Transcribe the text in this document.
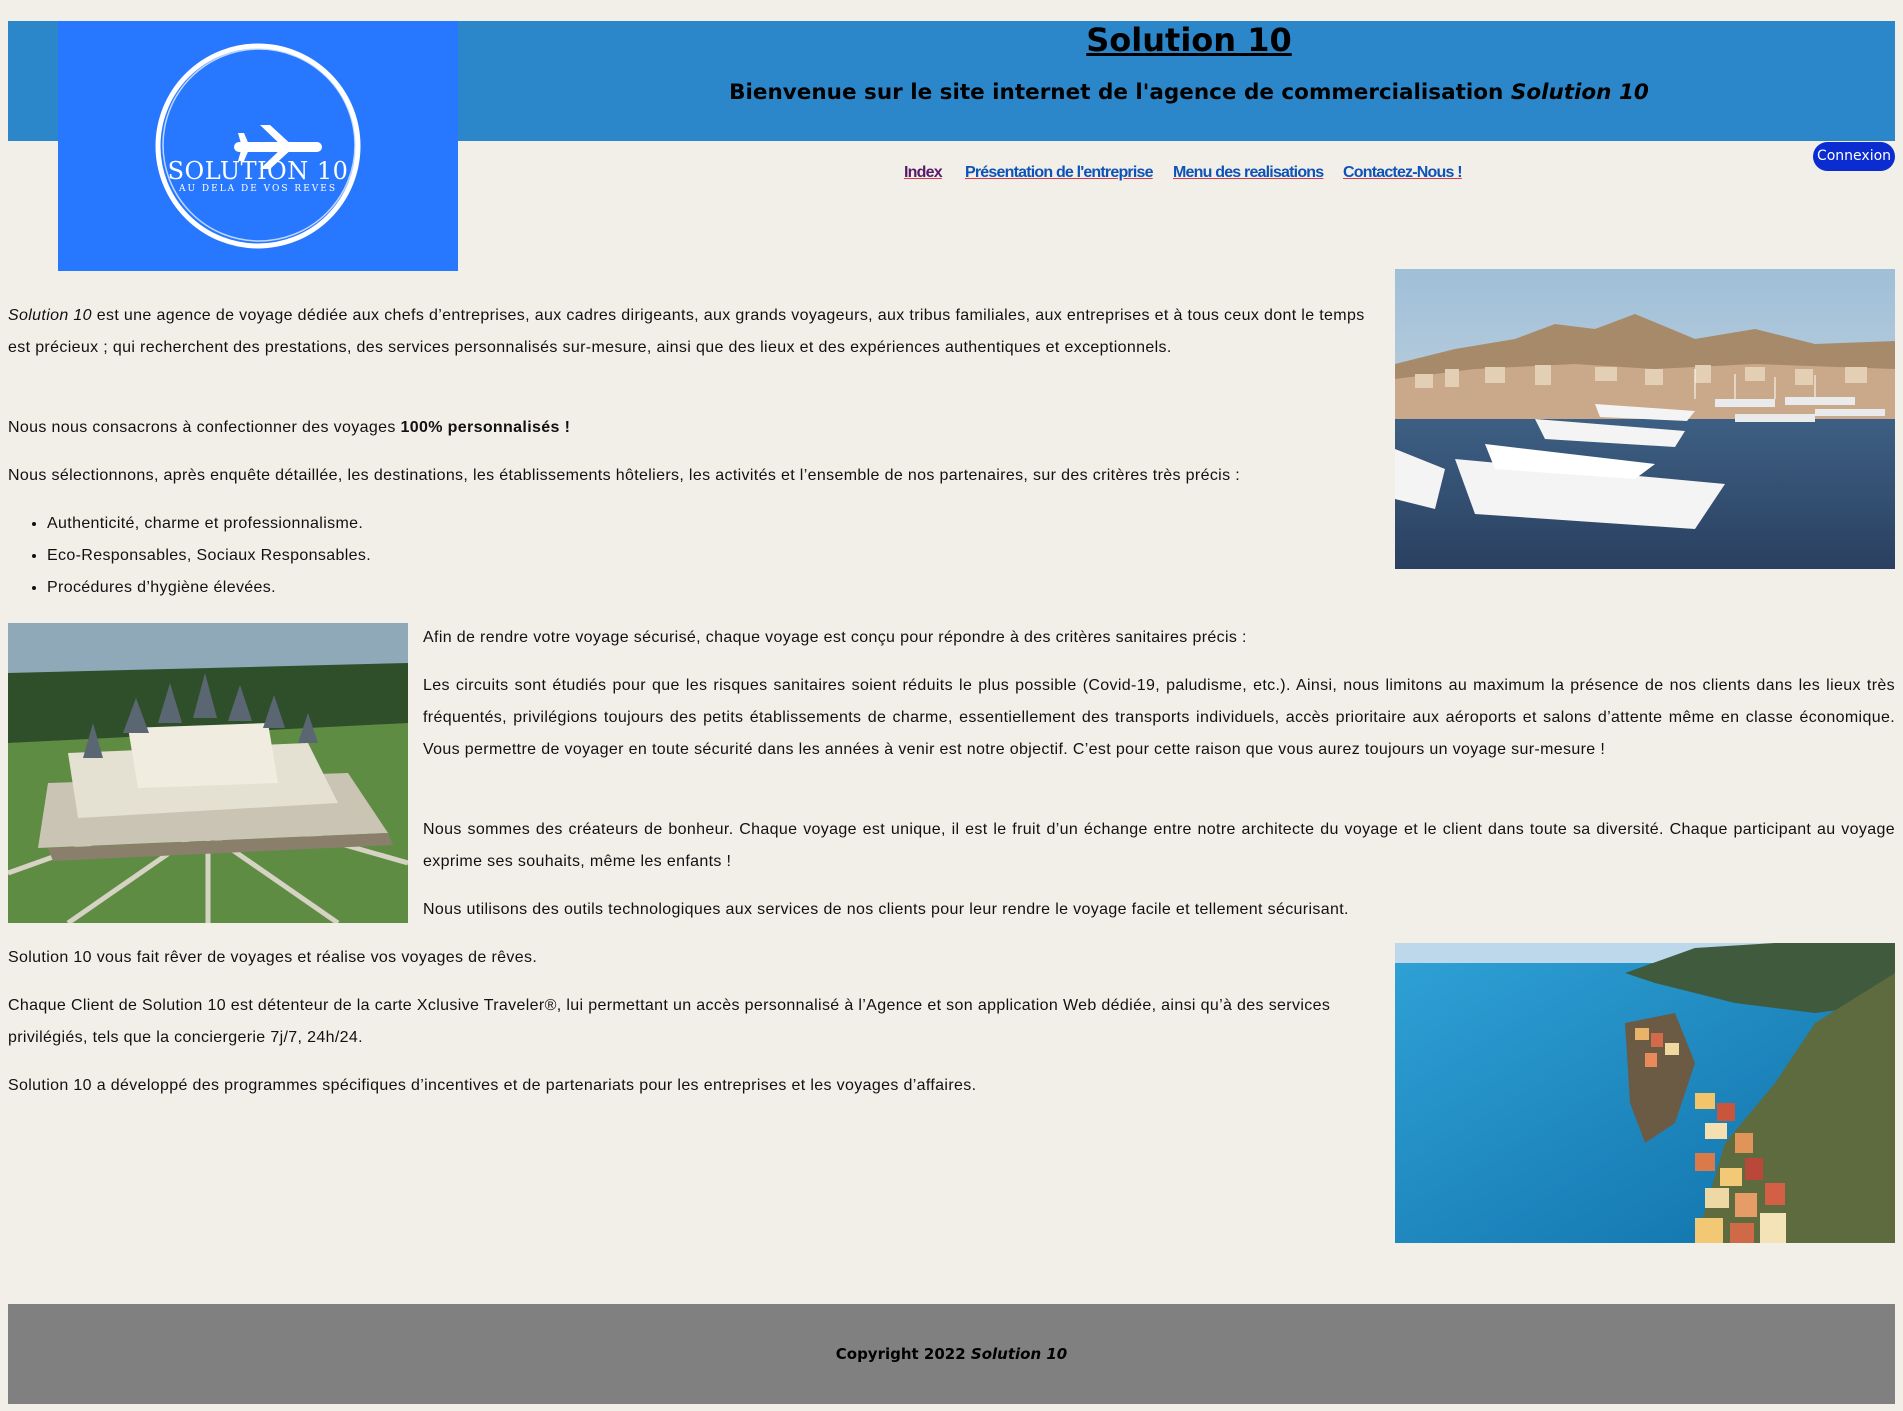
SOLUTION 10
AU DELA DE VOS REVES
Solution 10

Bienvenue sur le site internet de l'agence de commercialisation Solution 10

Index Présentation de l'entreprise Menu des realisations Contactez-Nous !
Connexion

Solution 10 est une agence de voyage dédiée aux chefs d’entreprises, aux cadres dirigeants, aux grands voyageurs, aux tribus familiales, aux entreprises et à tous ceux dont le temps est précieux ; qui recherchent des prestations, des services personnalisés sur-mesure, ainsi que des lieux et des expériences authentiques et exceptionnels.

Nous nous consacrons à confectionner des voyages 100% personnalisés !

Nous sélectionnons, après enquête détaillée, les destinations, les établissements hôteliers, les activités et l’ensemble de nos partenaires, sur des critères très précis :

• Authenticité, charme et professionnalisme.
• Eco-Responsables, Sociaux Responsables.
• Procédures d’hygiène élevées.

Afin de rendre votre voyage sécurisé, chaque voyage est conçu pour répondre à des critères sanitaires précis :

Les circuits sont étudiés pour que les risques sanitaires soient réduits le plus possible (Covid-19, paludisme, etc.). Ainsi, nous limitons au maximum la présence de nos clients dans les lieux très fréquentés, privilégions toujours des petits établissements de charme, essentiellement des transports individuels, accès prioritaire aux aéroports et salons d’attente même en classe économique. Vous permettre de voyager en toute sécurité dans les années à venir est notre objectif. C’est pour cette raison que vous aurez toujours un voyage sur-mesure !

Nous sommes des créateurs de bonheur. Chaque voyage est unique, il est le fruit d’un échange entre notre architecte du voyage et le client dans toute sa diversité. Chaque participant au voyage exprime ses souhaits, même les enfants !

Nous utilisons des outils technologiques aux services de nos clients pour leur rendre le voyage facile et tellement sécurisant.

Solution 10 vous fait rêver de voyages et réalise vos voyages de rêves.

Chaque Client de Solution 10 est détenteur de la carte Xclusive Traveler®, lui permettant un accès personnalisé à l’Agence et son application Web dédiée, ainsi qu’à des services privilégiés, tels que la conciergerie 7j/7, 24h/24.

Solution 10 a développé des programmes spécifiques d’incentives et de partenariats pour les entreprises et les voyages d’affaires.

Copyright 2022 Solution 10
